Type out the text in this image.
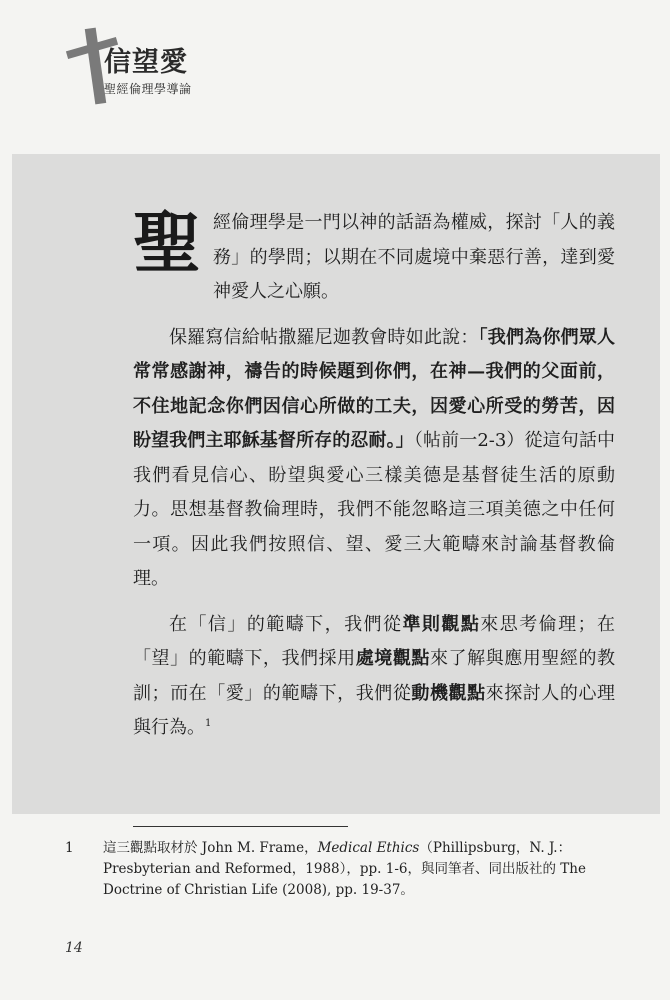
信望愛
聖經倫理學導論

聖經倫理學是一門以神的話語為權威，探討「人的義務」的學問；以期在不同處境中棄惡行善，達到愛神愛人之心願。

保羅寫信給帖撒羅尼迦教會時如此說：「我們為你們眾人常常感謝神，禱告的時候題到你們，在神—我們的父面前，不住地記念你們因信心所做的工夫，因愛心所受的勞苦，因盼望我們主耶穌基督所存的忍耐。」（帖前一2-3）從這句話中我們看見信心、盼望與愛心三樣美德是基督徒生活的原動力。思想基督教倫理時，我們不能忽略這三項美德之中任何一項。因此我們按照信、望、愛三大範疇來討論基督教倫理。

在「信」的範疇下，我們從準則觀點來思考倫理；在「望」的範疇下，我們採用處境觀點來了解與應用聖經的教訓；而在「愛」的範疇下，我們從動機觀點來探討人的心理與行為。$^1$

1 這三觀點取材於 John M. Frame，Medical Ethics（Phillipsburg，N. J.：Presbyterian and Reformed，1988），pp. 1-6，與同筆者、同出版社的 The Doctrine of Christian Life (2008), pp. 19-37。
14
